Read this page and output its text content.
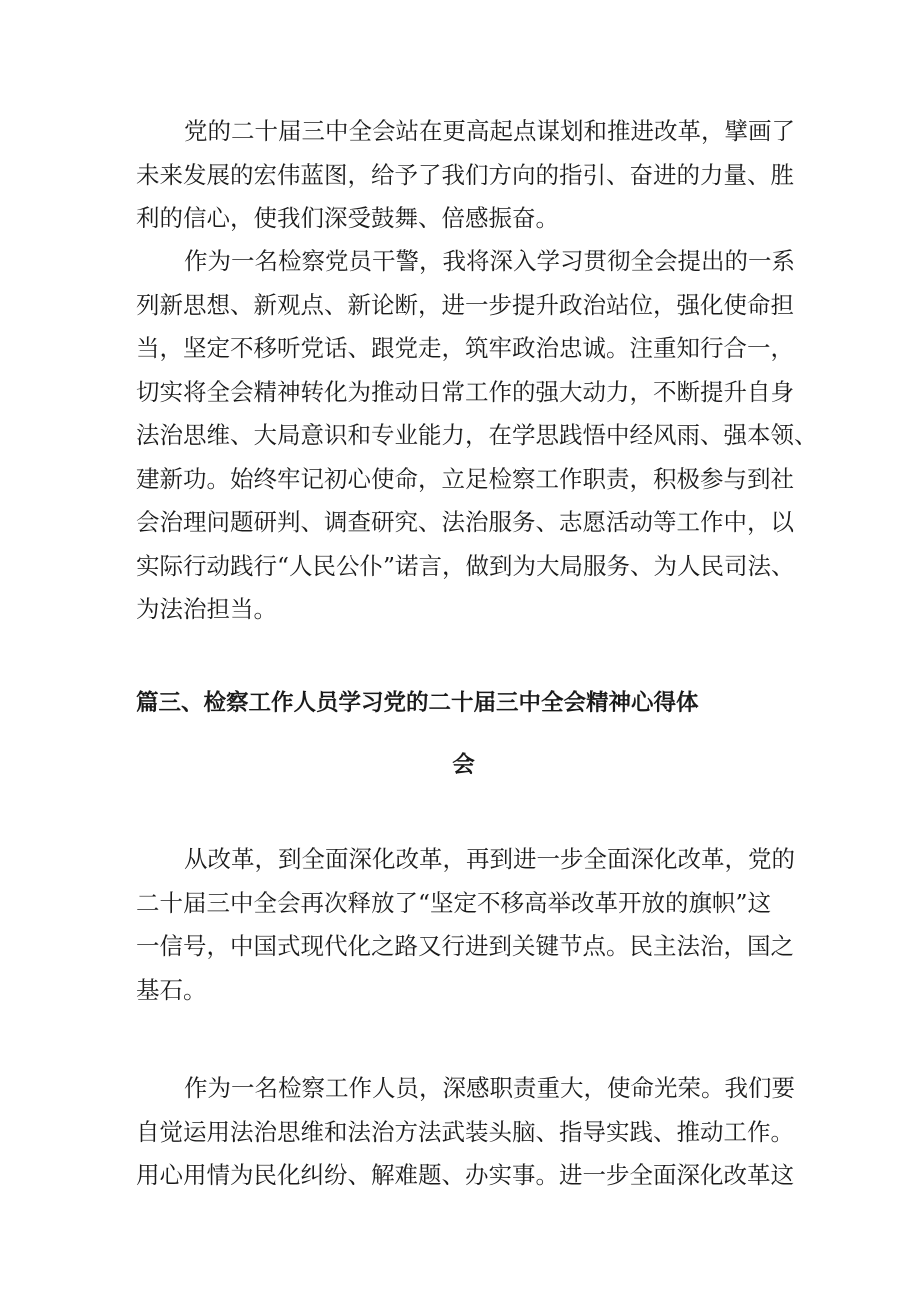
党的二十届三中全会站在更高起点谋划和推进改革，擘画了
未来发展的宏伟蓝图，给予了我们方向的指引、奋进的力量、胜
利的信心，使我们深受鼓舞、倍感振奋。
作为一名检察党员干警，我将深入学习贯彻全会提出的一系
列新思想、新观点、新论断，进一步提升政治站位，强化使命担
当，坚定不移听党话、跟党走，筑牢政治忠诚。注重知行合一，
切实将全会精神转化为推动日常工作的强大动力，不断提升自身
法治思维、大局意识和专业能力，在学思践悟中经风雨、强本领、
建新功。始终牢记初心使命，立足检察工作职责，积极参与到社
会治理问题研判、调查研究、法治服务、志愿活动等工作中，以
实际行动践行“人民公仆”诺言，做到为大局服务、为人民司法、
为法治担当。
篇三、检察工作人员学习党的二十届三中全会精神心得体
会
从改革，到全面深化改革，再到进一步全面深化改革，党的
二十届三中全会再次释放了“坚定不移高举改革开放的旗帜”这
一信号，中国式现代化之路又行进到关键节点。民主法治，国之
基石。
作为一名检察工作人员，深感职责重大，使命光荣。我们要
自觉运用法治思维和法治方法武装头脑、指导实践、推动工作。
用心用情为民化纠纷、解难题、办实事。进一步全面深化改革这
